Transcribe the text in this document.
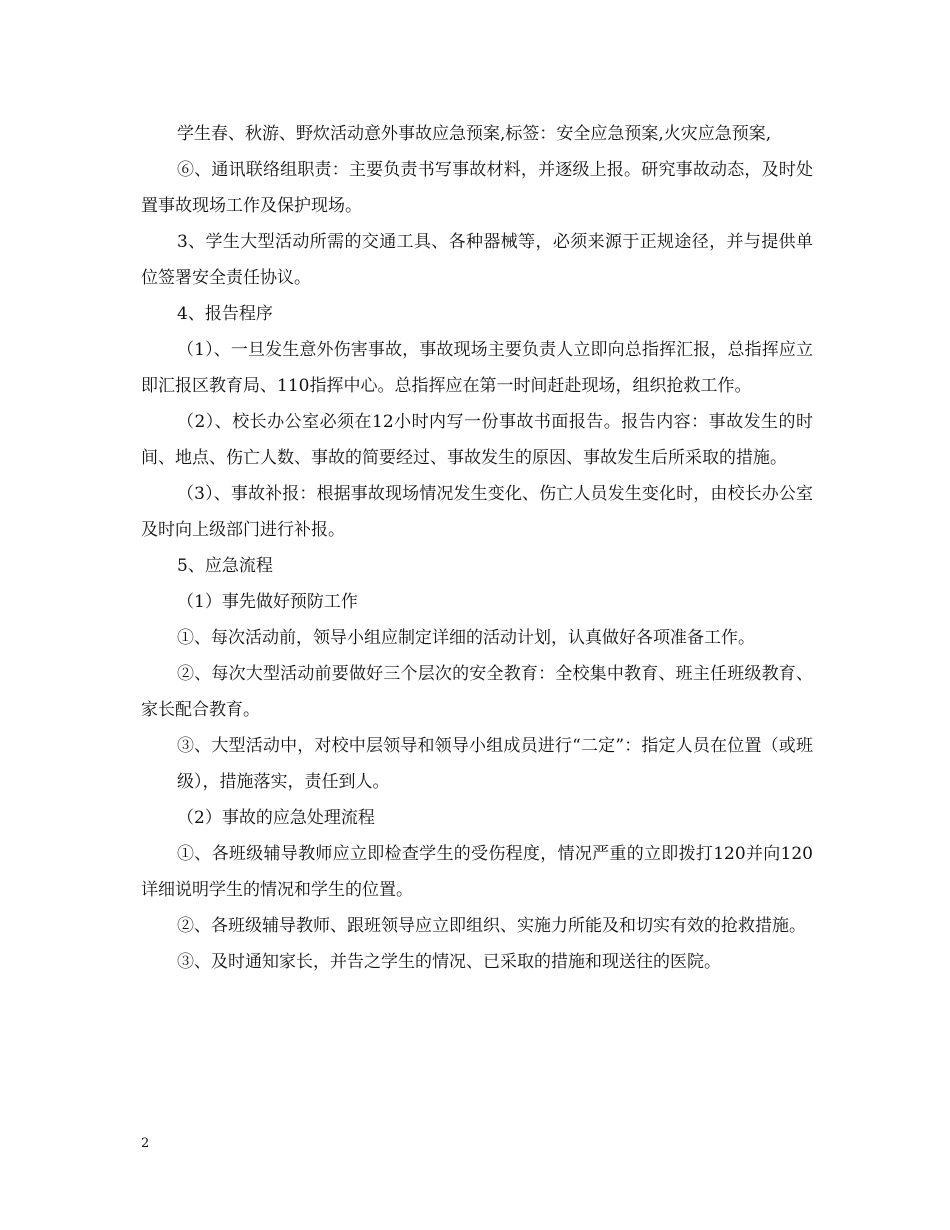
学生春、秋游、野炊活动意外事故应急预案,标签：安全应急预案,火灾应急预案,

⑥、通讯联络组职责：主要负责书写事故材料，并逐级上报。研究事故动态，及时处置事故现场工作及保护现场。

3、学生大型活动所需的交通工具、各种器械等，必须来源于正规途径，并与提供单位签署安全责任协议。

4、报告程序

（1）、一旦发生意外伤害事故，事故现场主要负责人立即向总指挥汇报，总指挥应立即汇报区教育局、110指挥中心。总指挥应在第一时间赶赴现场，组织抢救工作。

（2）、校长办公室必须在12小时内写一份事故书面报告。报告内容：事故发生的时间、地点、伤亡人数、事故的简要经过、事故发生的原因、事故发生后所采取的措施。

（3）、事故补报：根据事故现场情况发生变化、伤亡人员发生变化时，由校长办公室及时向上级部门进行补报。

5、应急流程

（1）事先做好预防工作

①、每次活动前，领导小组应制定详细的活动计划，认真做好各项准备工作。

②、每次大型活动前要做好三个层次的安全教育：全校集中教育、班主任班级教育、家长配合教育。

③、大型活动中，对校中层领导和领导小组成员进行“二定”：指定人员在位置（或班级），措施落实，责任到人。

（2）事故的应急处理流程

①、各班级辅导教师应立即检查学生的受伤程度，情况严重的立即拨打120并向120详细说明学生的情况和学生的位置。

②、各班级辅导教师、跟班领导应立即组织、实施力所能及和切实有效的抢救措施。

③、及时通知家长，并告之学生的情况、已采取的措施和现送往的医院。

2
